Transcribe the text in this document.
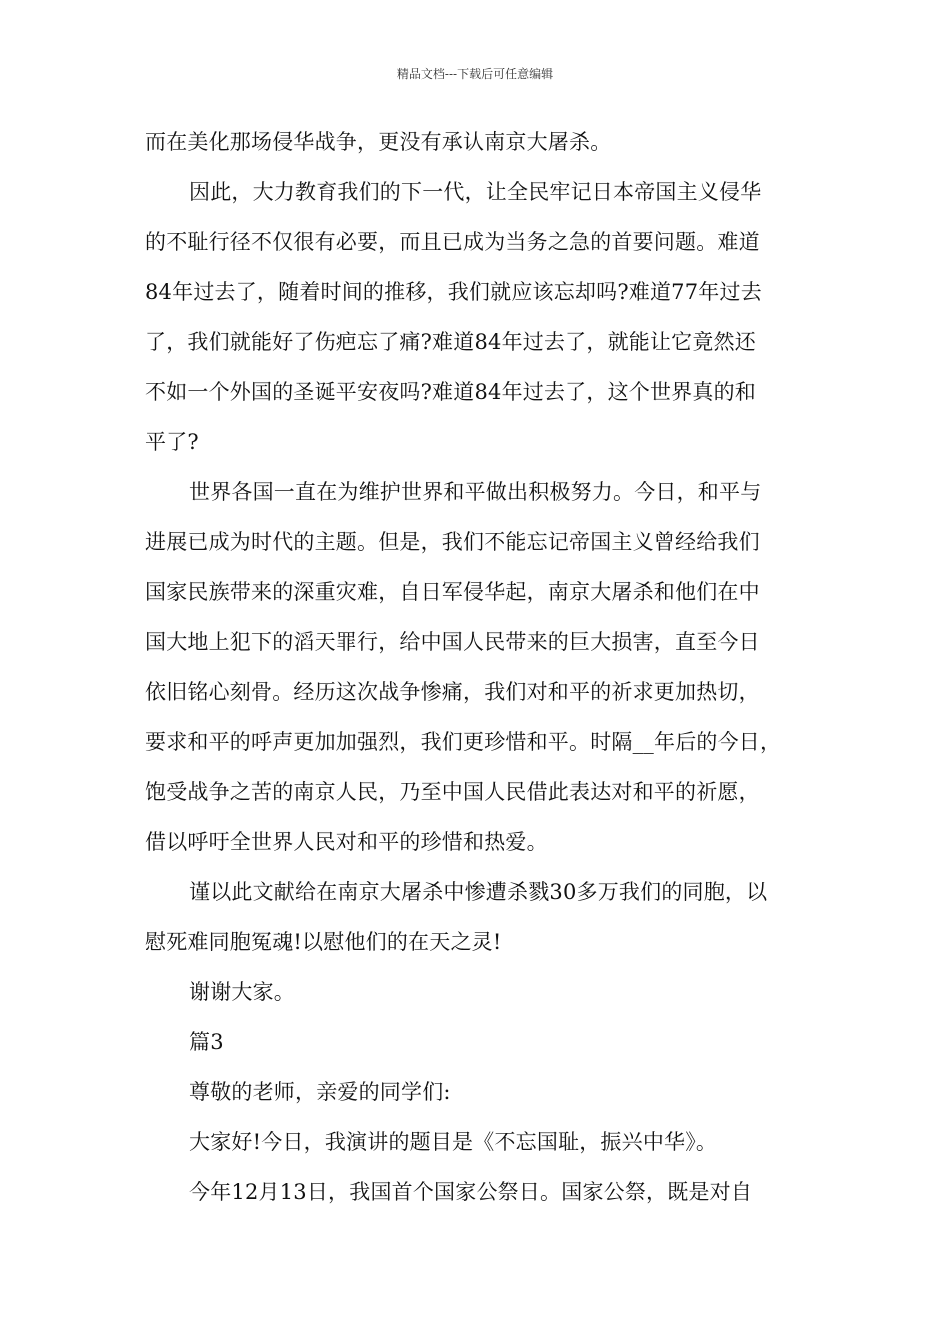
精品文档---下载后可任意编辑
而在美化那场侵华战争，更没有承认南京大屠杀。
因此，大力教育我们的下一代，让全民牢记日本帝国主义侵华
的不耻行径不仅很有必要，而且已成为当务之急的首要问题。难道
84年过去了，随着时间的推移，我们就应该忘却吗?难道77年过去
了，我们就能好了伤疤忘了痛?难道84年过去了，就能让它竟然还
不如一个外国的圣诞平安夜吗?难道84年过去了，这个世界真的和
平了?
世界各国一直在为维护世界和平做出积极努力。今日，和平与
进展已成为时代的主题。但是，我们不能忘记帝国主义曾经给我们
国家民族带来的深重灾难，自日军侵华起，南京大屠杀和他们在中
国大地上犯下的滔天罪行，给中国人民带来的巨大损害，直至今日
依旧铭心刻骨。经历这次战争惨痛，我们对和平的祈求更加热切，
要求和平的呼声更加加强烈，我们更珍惜和平。时隔__年后的今日，
饱受战争之苦的南京人民，乃至中国人民借此表达对和平的祈愿，
借以呼吁全世界人民对和平的珍惜和热爱。
谨以此文献给在南京大屠杀中惨遭杀戮30多万我们的同胞，以
慰死难同胞冤魂!以慰他们的在天之灵!
谢谢大家。
篇3
尊敬的老师，亲爱的同学们:
大家好!今日，我演讲的题目是《不忘国耻，振兴中华》。
今年12月13日，我国首个国家公祭日。国家公祭，既是对自
